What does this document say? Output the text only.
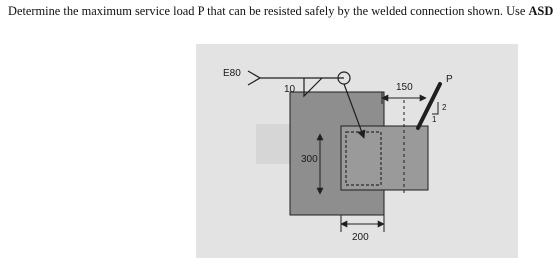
Determine the maximum service load P that can be resisted safely by the welded connection shown. Use ASD
E80
10	150
P
2
1
300
200
